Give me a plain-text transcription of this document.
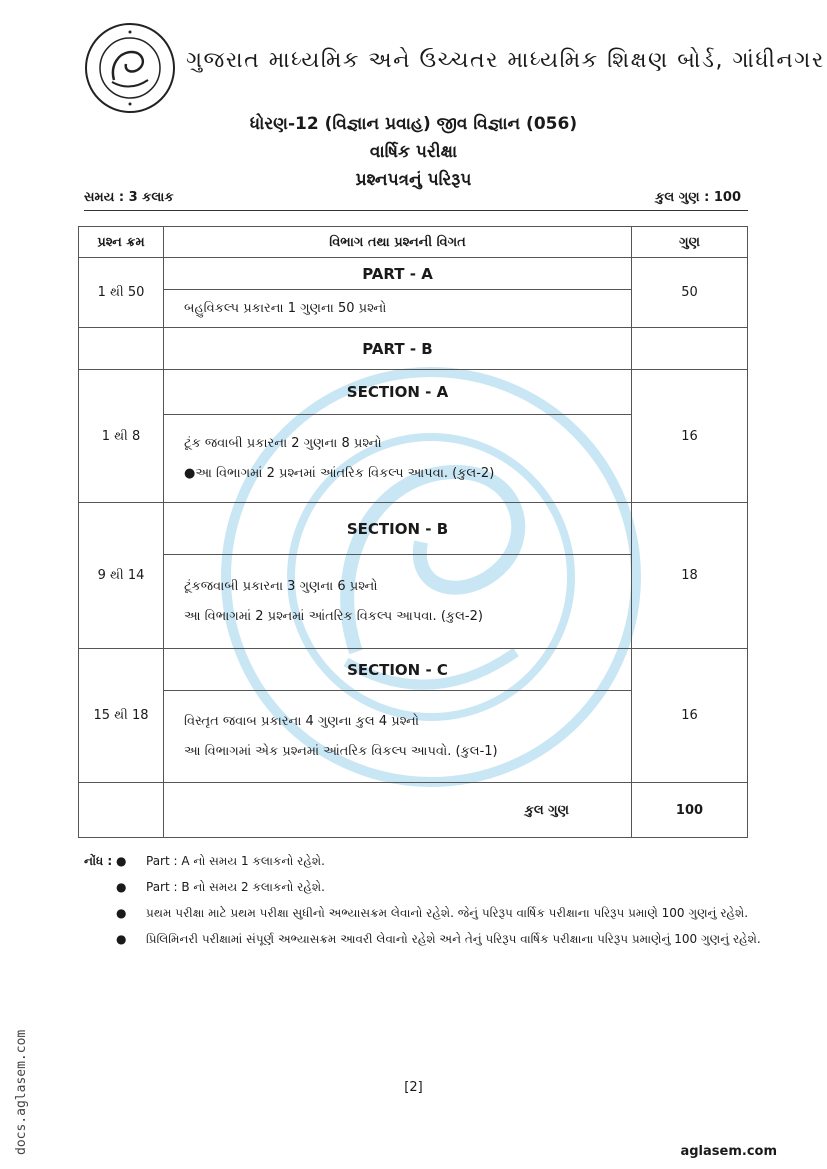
ગુજરાત માધ્યમિક અને ઉચ્ચતર માધ્યમિક શિક્ષણ બોર્ડ, ગાંધીનગર
ધોરણ-12 (વિજ્ઞાન પ્રવાહ) જીવ વિજ્ઞાન (056)
વાર્ષિક પરીક્ષા
પ્રશ્નપત્રનું પરિરૂપ
સમય : 3 કલાક	કુલ ગુણ : 100
પ્રશ્ન ક્રમ	વિભાગ તથા પ્રશ્નની વિગત	ગુણ
1 થી 50	PART - A	50
	બહુવિકલ્પ પ્રકારના 1 ગુણના 50 પ્રશ્નો	
	PART - B	
1 થી 8	SECTION - A	16

	ટૂંક જવાબી પ્રકારના 2 ગુણના 8 પ્રશ્નો
●આ વિભાગમાં 2 પ્રશ્નમાં આંતરિક વિકલ્પ આપવા. (કુલ-2)	

9 થી 14	SECTION - B	18

	ટૂંકજવાબી પ્રકારના 3 ગુણના 6 પ્રશ્નો
આ વિભાગમાં 2 પ્રશ્નમાં આંતરિક વિકલ્પ આપવા. (કુલ-2)	

15 થી 18	SECTION - C	16

	વિસ્તૃત જવાબ પ્રકારના 4 ગુણના કુલ 4 પ્રશ્નો
આ વિભાગમાં એક પ્રશ્નમાં આંતરિક વિકલ્પ આપવો. (કુલ-1)	

	કુલ ગુણ	100
નોંધ : ● Part : A નો સમય 1 કલાકનો રહેશે.
● Part : B નો સમય 2 કલાકનો રહેશે.
● પ્રથમ પરીક્ષા માટે પ્રથમ પરીક્ષા સુધીનો અભ્યાસક્રમ લેવાનો રહેશે. જેનું પરિરૂપ વાર્ષિક પરીક્ષાના પરિરૂપ પ્રમાણે 100 ગુણનું રહેશે.
● પ્રિલિમિનરી પરીક્ષામાં સંપૂર્ણ અભ્યાસક્રમ આવરી લેવાનો રહેશે અને તેનું પરિરૂપ વાર્ષિક પરીક્ષાના પરિરૂપ પ્રમાણેનું 100 ગુણનું રહેશે.
[2]
docs.aglasem.com	aglasem.com
